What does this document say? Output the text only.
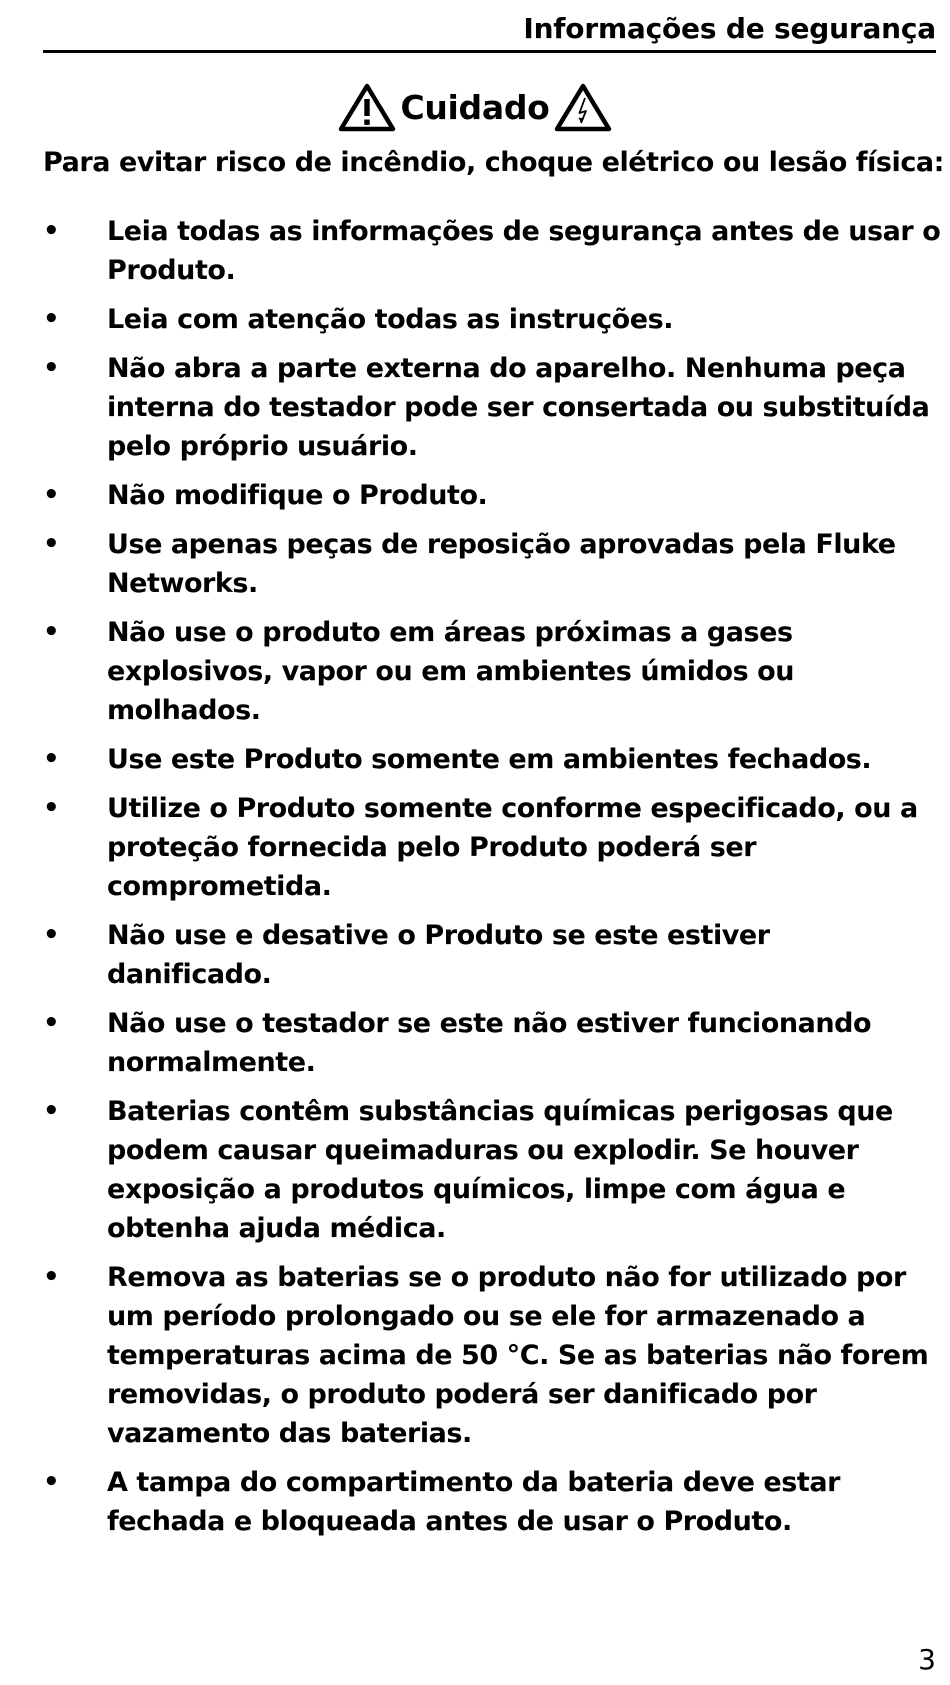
Informações de segurança
Cuidado
Para evitar risco de incêndio, choque elétrico ou lesão física:
• Leia todas as informações de segurança antes de usar o Produto.
• Leia com atenção todas as instruções.
• Não abra a parte externa do aparelho. Nenhuma peça interna do testador pode ser consertada ou substituída pelo próprio usuário.
• Não modifique o Produto.
• Use apenas peças de reposição aprovadas pela Fluke Networks.
• Não use o produto em áreas próximas a gases explosivos, vapor ou em ambientes úmidos ou molhados.
• Use este Produto somente em ambientes fechados.
• Utilize o Produto somente conforme especificado, ou a proteção fornecida pelo Produto poderá ser comprometida.
• Não use e desative o Produto se este estiver danificado.
• Não use o testador se este não estiver funcionando normalmente.
• Baterias contêm substâncias químicas perigosas que podem causar queimaduras ou explodir. Se houver exposição a produtos químicos, limpe com água e obtenha ajuda médica.
• Remova as baterias se o produto não for utilizado por um período prolongado ou se ele for armazenado a temperaturas acima de 50 °C. Se as baterias não forem removidas, o produto poderá ser danificado por vazamento das baterias.
• A tampa do compartimento da bateria deve estar fechada e bloqueada antes de usar o Produto.
3
